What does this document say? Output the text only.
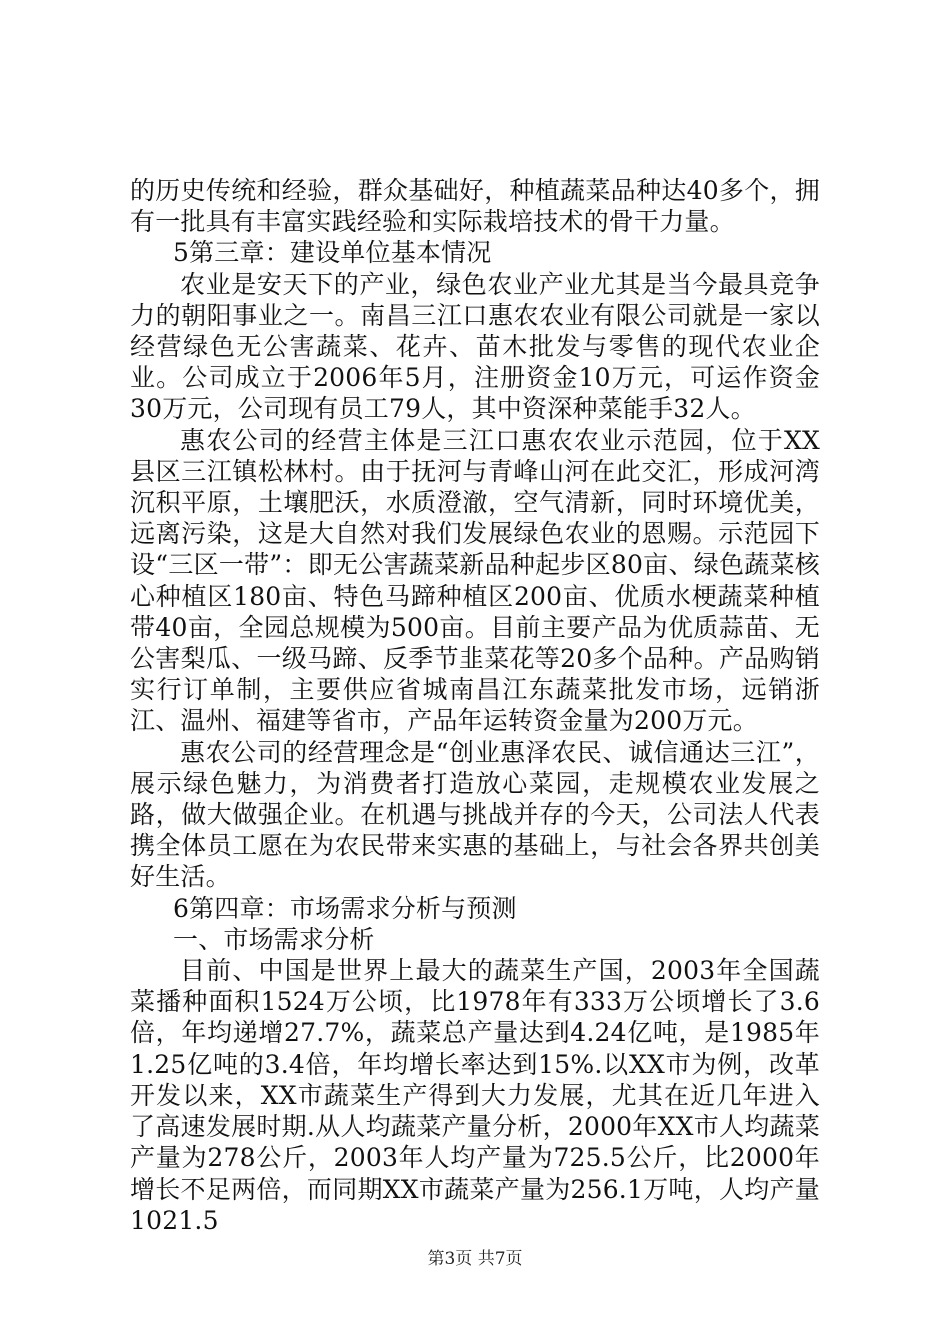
的历史传统和经验，群众基础好，种植蔬菜品种达40多个，拥有一批具有丰富实践经验和实际栽培技术的骨干力量。

5第三章：建设单位基本情况

农业是安天下的产业，绿色农业产业尤其是当今最具竞争力的朝阳事业之一。南昌三江口惠农农业有限公司就是一家以经营绿色无公害蔬菜、花卉、苗木批发与零售的现代农业企业。公司成立于2006年5月，注册资金10万元，可运作资金30万元，公司现有员工79人，其中资深种菜能手32人。

惠农公司的经营主体是三江口惠农农业示范园，位于XX县区三江镇松林村。由于抚河与青峰山河在此交汇，形成河湾沉积平原，土壤肥沃，水质澄澈，空气清新，同时环境优美，远离污染，这是大自然对我们发展绿色农业的恩赐。示范园下设“三区一带”：即无公害蔬菜新品种起步区80亩、绿色蔬菜核心种植区180亩、特色马蹄种植区200亩、优质水梗蔬菜种植带40亩，全园总规模为500亩。目前主要产品为优质蒜苗、无公害梨瓜、一级马蹄、反季节韭菜花等20多个品种。产品购销实行订单制，主要供应省城南昌江东蔬菜批发市场，远销浙江、温州、福建等省市，产品年运转资金量为200万元。

惠农公司的经营理念是“创业惠泽农民、诚信通达三江”，展示绿色魅力，为消费者打造放心菜园，走规模农业发展之路，做大做强企业。在机遇与挑战并存的今天，公司法人代表携全体员工愿在为农民带来实惠的基础上，与社会各界共创美好生活。

6第四章：市场需求分析与预测

一、市场需求分析

目前、中国是世界上最大的蔬菜生产国，2003年全国蔬菜播种面积1524万公顷，比1978年有333万公顷增长了3.6倍，年均递增27.7%，蔬菜总产量达到4.24亿吨，是1985年1.25亿吨的3.4倍，年均增长率达到15%.以XX市为例，改革开发以来，XX市蔬菜生产得到大力发展，尤其在近几年进入了高速发展时期.从人均蔬菜产量分析，2000年XX市人均蔬菜产量为278公斤，2003年人均产量为725.5公斤，比2000年增长不足两倍，而同期XX市蔬菜产量为256.1万吨，人均产量1021.5

第3页 共7页
